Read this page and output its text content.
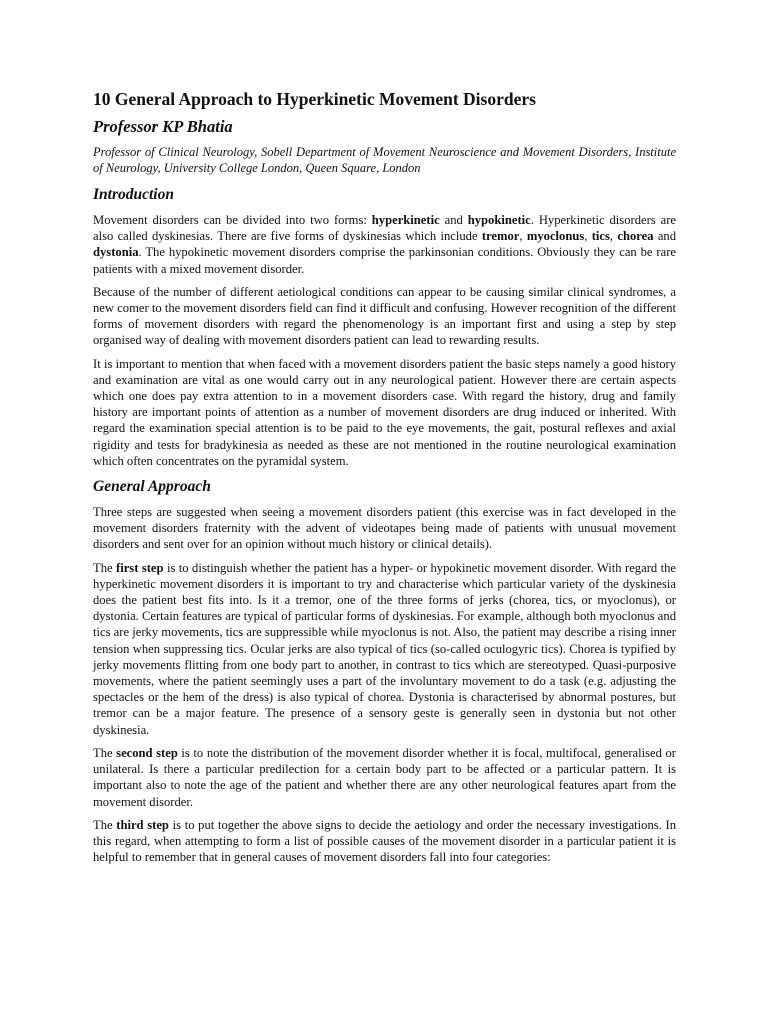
10 General Approach to Hyperkinetic Movement Disorders
Professor KP Bhatia
Professor of Clinical Neurology, Sobell Department of Movement Neuroscience and Movement Disorders, Institute of Neurology, University College London, Queen Square, London
Introduction

Movement disorders can be divided into two forms: hyperkinetic and hypokinetic. Hyperkinetic disorders are also called dyskinesias. There are five forms of dyskinesias which include tremor, myoclonus, tics, chorea and dystonia. The hypokinetic movement disorders comprise the parkinsonian conditions. Obviously they can be rare patients with a mixed movement disorder.

Because of the number of different aetiological conditions can appear to be causing similar clinical syndromes, a new comer to the movement disorders field can find it difficult and confusing. However recognition of the different forms of movement disorders with regard the phenomenology is an important first and using a step by step organised way of dealing with movement disorders patient can lead to rewarding results.

It is important to mention that when faced with a movement disorders patient the basic steps namely a good history and examination are vital as one would carry out in any neurological patient. However there are certain aspects which one does pay extra attention to in a movement disorders case. With regard the history, drug and family history are important points of attention as a number of movement disorders are drug induced or inherited. With regard the examination special attention is to be paid to the eye movements, the gait, postural reflexes and axial rigidity and tests for bradykinesia as needed as these are not mentioned in the routine neurological examination which often concentrates on the pyramidal system.

General Approach

Three steps are suggested when seeing a movement disorders patient (this exercise was in fact developed in the movement disorders fraternity with the advent of videotapes being made of patients with unusual movement disorders and sent over for an opinion without much history or clinical details).

The first step is to distinguish whether the patient has a hyper- or hypokinetic movement disorder. With regard the hyperkinetic movement disorders it is important to try and characterise which particular variety of the dyskinesia does the patient best fits into. Is it a tremor, one of the three forms of jerks (chorea, tics, or myoclonus), or dystonia. Certain features are typical of particular forms of dyskinesias. For example, although both myoclonus and tics are jerky movements, tics are suppressible while myoclonus is not. Also, the patient may describe a rising inner tension when suppressing tics. Ocular jerks are also typical of tics (so-called oculogyric tics). Chorea is typified by jerky movements flitting from one body part to another, in contrast to tics which are stereotyped. Quasi-purposive movements, where the patient seemingly uses a part of the involuntary movement to do a task (e.g. adjusting the spectacles or the hem of the dress) is also typical of chorea. Dystonia is characterised by abnormal postures, but tremor can be a major feature. The presence of a sensory geste is generally seen in dystonia but not other dyskinesia.

The second step is to note the distribution of the movement disorder whether it is focal, multifocal, generalised or unilateral. Is there a particular predilection for a certain body part to be affected or a particular pattern. It is important also to note the age of the patient and whether there are any other neurological features apart from the movement disorder.

The third step is to put together the above signs to decide the aetiology and order the necessary investigations. In this regard, when attempting to form a list of possible causes of the movement disorder in a particular patient it is helpful to remember that in general causes of movement disorders fall into four categories:
